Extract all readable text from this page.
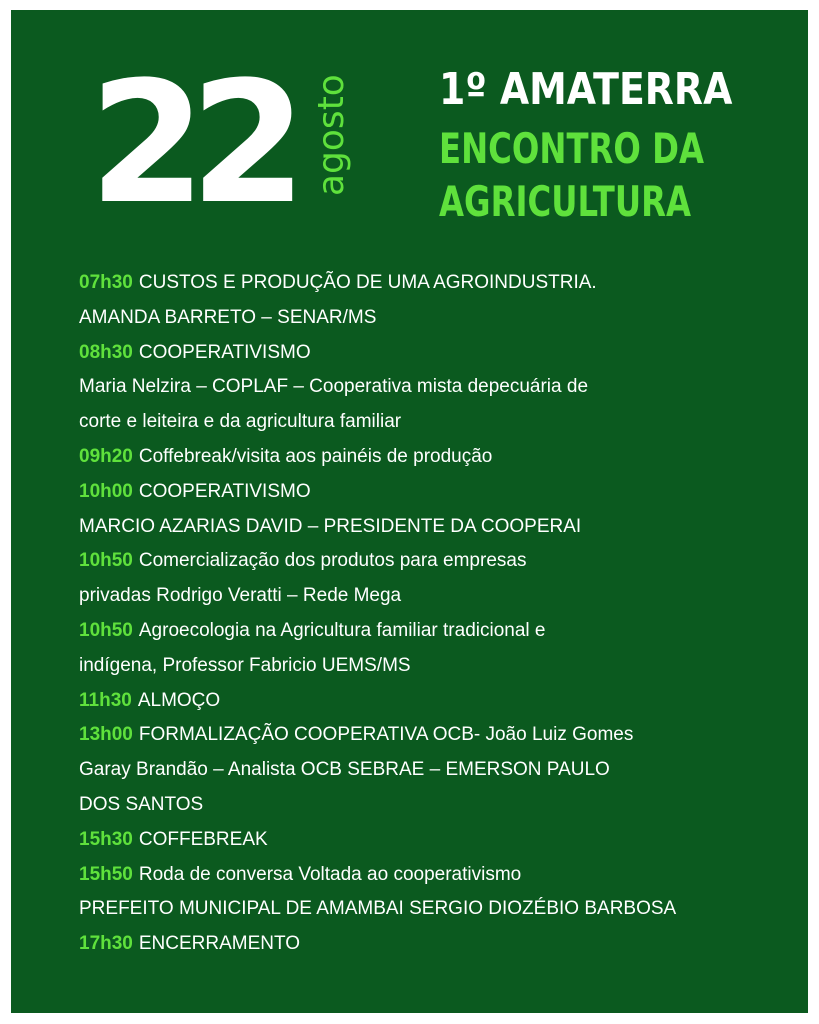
22 agosto 1º AMATERRA
ENCONTRO DA
AGRICULTURA
07h30 CUSTOS E PRODUÇÃO DE UMA AGROINDUSTRIA.
AMANDA BARRETO – SENAR/MS
08h30 COOPERATIVISMO
Maria Nelzira – COPLAF – Cooperativa mista depecuária de
corte e leiteira e da agricultura familiar
09h20 Coffebreak/visita aos painéis de produção
10h00 COOPERATIVISMO
MARCIO AZARIAS DAVID – PRESIDENTE DA COOPERAI
10h50 Comercialização dos produtos para empresas
privadas Rodrigo Veratti – Rede Mega
10h50 Agroecologia na Agricultura familiar tradicional e
indígena, Professor Fabricio UEMS/MS
11h30 ALMOÇO
13h00 FORMALIZAÇÃO COOPERATIVA OCB- João Luiz Gomes
Garay Brandão – Analista OCB SEBRAE – EMERSON PAULO
DOS SANTOS
15h30 COFFEBREAK
15h50 Roda de conversa Voltada ao cooperativismo
PREFEITO MUNICIPAL DE AMAMBAI SERGIO DIOZÉBIO BARBOSA
17h30 ENCERRAMENTO
